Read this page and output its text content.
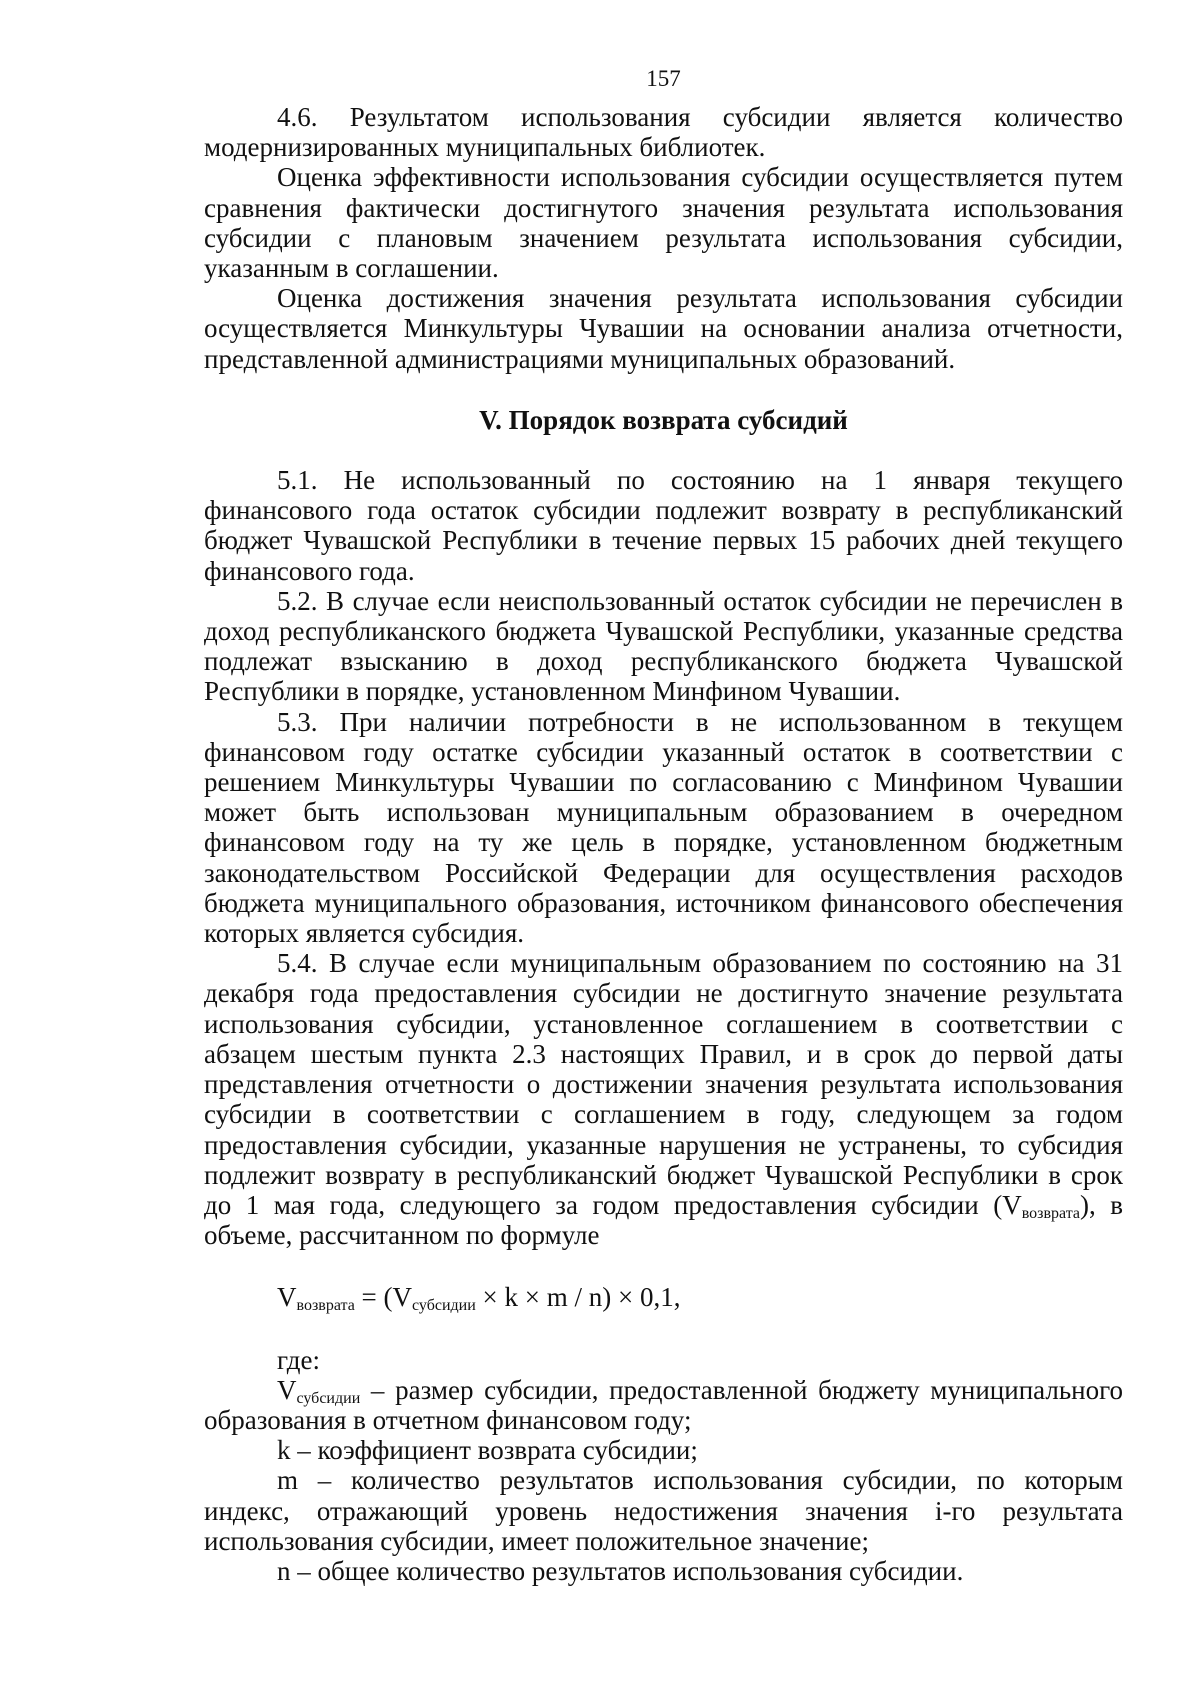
157

4.6. Результатом использования субсидии является количество модернизированных муниципальных библиотек.

Оценка эффективности использования субсидии осуществляется путем сравнения фактически достигнутого значения результата использования субсидии с плановым значением результата использования субсидии, указанным в соглашении.

Оценка достижения значения результата использования субсидии осуществляется Минкультуры Чувашии на основании анализа отчетности, представленной администрациями муниципальных образований.

V. Порядок возврата субсидий

5.1. Не использованный по состоянию на 1 января текущего финансового года остаток субсидии подлежит возврату в республиканский бюджет Чувашской Республики в течение первых 15 рабочих дней текущего финансового года.

5.2. В случае если неиспользованный остаток субсидии не перечислен в доход республиканского бюджета Чувашской Республики, указанные средства подлежат взысканию в доход республиканского бюджета Чувашской Республики в порядке, установленном Минфином Чувашии.

5.3. При наличии потребности в не использованном в текущем финансовом году остатке субсидии указанный остаток в соответствии с решением Минкультуры Чувашии по согласованию с Минфином Чувашии может быть использован муниципальным образованием в очередном финансовом году на ту же цель в порядке, установленном бюджетным законодательством Российской Федерации для осуществления расходов бюджета муниципального образования, источником финансового обеспечения которых является субсидия.

5.4. В случае если муниципальным образованием по состоянию на 31 декабря года предоставления субсидии не достигнуто значение результата использования субсидии, установленное соглашением в соответствии с абзацем шестым пункта 2.3 настоящих Правил, и в срок до первой даты представления отчетности о достижении значения результата использования субсидии в соответствии с соглашением в году, следующем за годом предоставления субсидии, указанные нарушения не устранены, то субсидия подлежит возврату в республиканский бюджет Чувашской Республики в срок до 1 мая года, следующего за годом предоставления субсидии $(V_{возврата})$, в объеме, рассчитанном по формуле

$V_{возврата} = (V_{субсидии} \times k \times m / n) \times 0,1$,

где:

$V_{субсидии}$ – размер субсидии, предоставленной бюджету муниципального образования в отчетном финансовом году;

k – коэффициент возврата субсидии;

m – количество результатов использования субсидии, по которым индекс, отражающий уровень недостижения значения i-го результата использования субсидии, имеет положительное значение;

n – общее количество результатов использования субсидии.
